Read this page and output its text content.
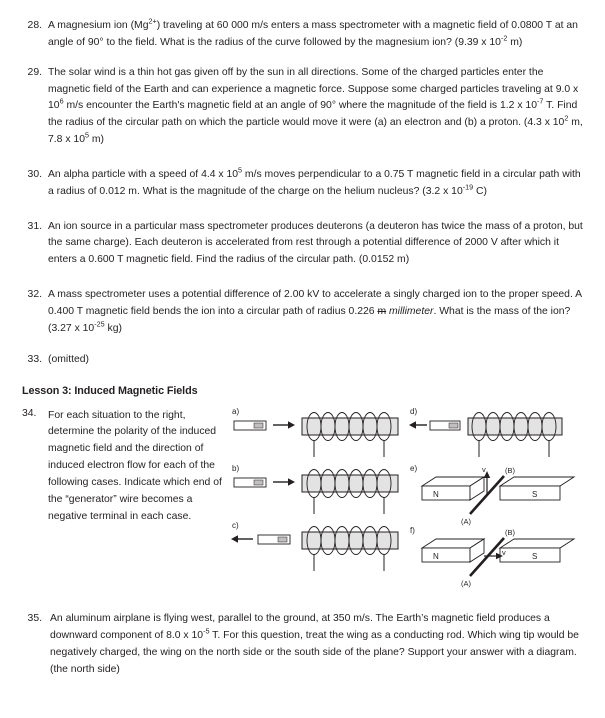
28. A magnesium ion $(Mg^{2+})$ traveling at 60 000 m/s enters a mass spectrometer with a magnetic field of 0.0800 T at an angle of 90° to the field. What is the radius of the curve followed by the magnesium ion? (9.39 x $10^{-2}$ m)
29. The solar wind is a thin hot gas given off by the sun in all directions. Some of the charged particles enter the magnetic field of the Earth and can experience a magnetic force. Suppose some charged particles traveling at 9.0 x $10^6$ m/s encounter the Earth's magnetic field at an angle of 90° where the magnitude of the field is 1.2 x $10^{-7}$ T. Find the radius of the circular path on which the particle would move it were (a) an electron and (b) a proton. (4.3 x $10^2$ m, 7.8 x $10^5$ m)
30. An alpha particle with a speed of 4.4 x $10^5$ m/s moves perpendicular to a 0.75 T magnetic field in a circular path with a radius of 0.012 m. What is the magnitude of the charge on the helium nucleus? (3.2 x $10^{-19}$ C)
31. An ion source in a particular mass spectrometer produces deuterons (a deuteron has twice the mass of a proton, but the same charge). Each deuteron is accelerated from rest through a potential difference of 2000 V after which it enters a 0.600 T magnetic field. Find the radius of the circular path. (0.0152 m)
32. A mass spectrometer uses a potential difference of 2.00 kV to accelerate a singly charged ion to the proper speed. A 0.400 T magnetic field bends the ion into a circular path of radius 0.226 m millimeter. What is the mass of the ion? (3.27 x $10^{-25}$ kg)
33. (omitted)
Lesson 3: Induced Magnetic Fields
34.	For each situation to the right, determine the polarity of the induced magnetic field and the direction of induced electron flow for each of the following cases. Indicate which end of the “generator” wire becomes a negative terminal in each case.
a)
b)
c)
d)
e)
N	S
v	(B)
(A)
f)
N	S
v
(B)
(A)
35. An aluminum airplane is flying west, parallel to the ground, at 350 m/s. The Earth’s magnetic field produces a downward component of 8.0 x $10^{-5}$ T. For this question, treat the wing as a conducting rod. Which wing tip would be negatively charged, the wing on the north side or the south side of the plane? Support your answer with a diagram. (the north side)
